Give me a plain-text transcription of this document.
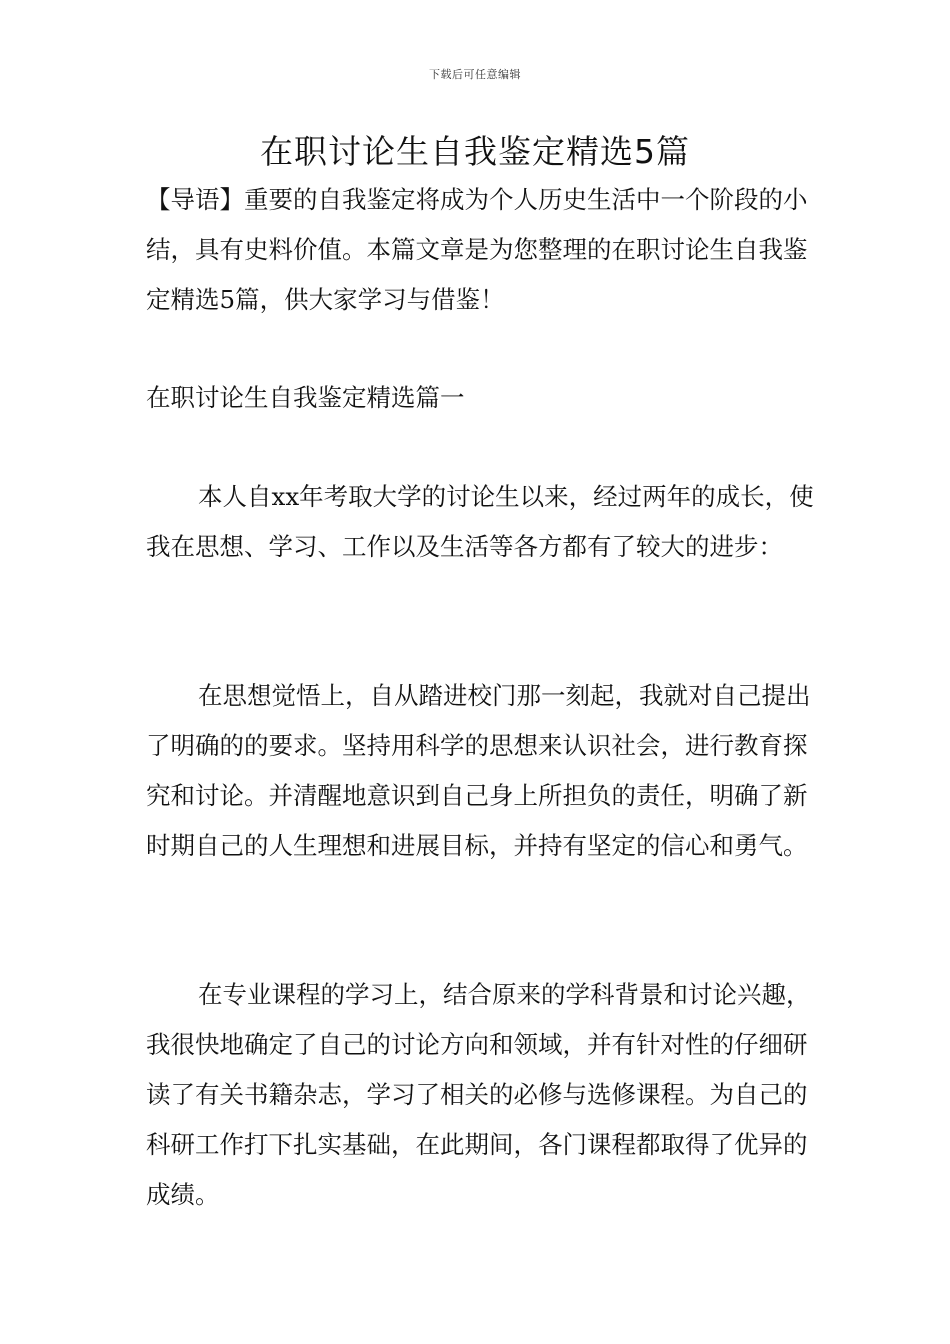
下载后可任意编辑
在职讨论生自我鉴定精选5篇

【导语】重要的自我鉴定将成为个人历史生活中一个阶段的小结，具有史料价值。本篇文章是为您整理的在职讨论生自我鉴定精选5篇，供大家学习与借鉴！

在职讨论生自我鉴定精选篇一

本人自xx年考取大学的讨论生以来，经过两年的成长，使我在思想、学习、工作以及生活等各方都有了较大的进步：

在思想觉悟上，自从踏进校门那一刻起，我就对自己提出了明确的的要求。坚持用科学的思想来认识社会，进行教育探究和讨论。并清醒地意识到自己身上所担负的责任，明确了新时期自己的人生理想和进展目标，并持有坚定的信心和勇气。

在专业课程的学习上，结合原来的学科背景和讨论兴趣，我很快地确定了自己的讨论方向和领域，并有针对性的仔细研读了有关书籍杂志，学习了相关的必修与选修课程。为自己的科研工作打下扎实基础，在此期间，各门课程都取得了优异的成绩。
